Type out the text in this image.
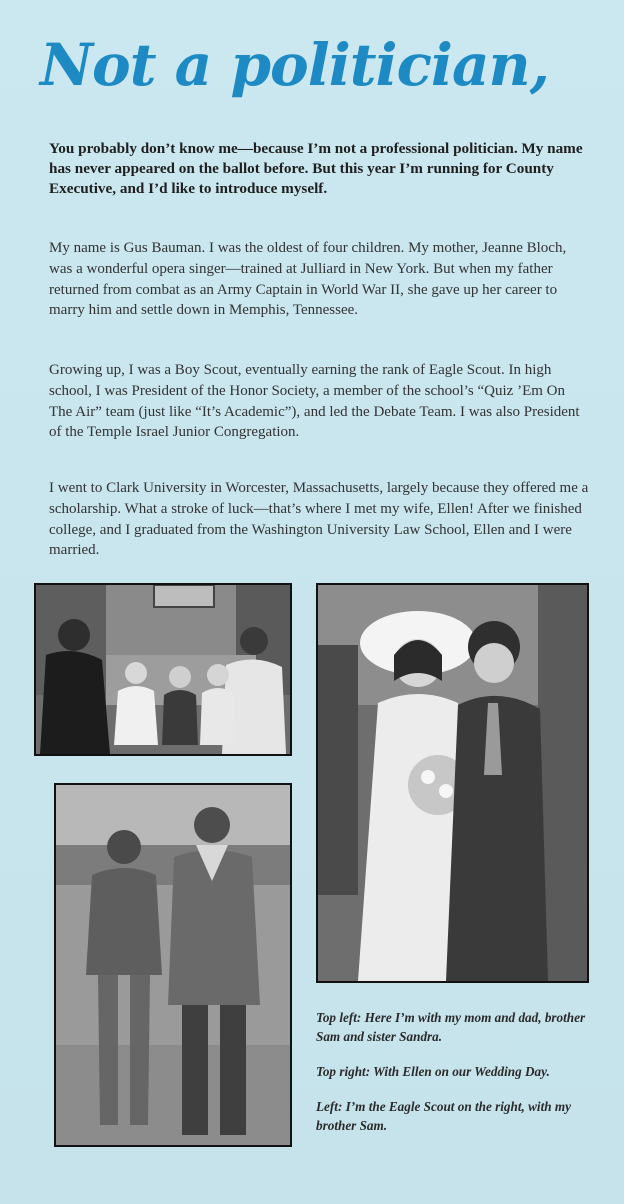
Not a politician,
You probably don’t know me—because I’m not a professional politician. My name has never appeared on the ballot before. But this year I’m running for County Executive, and I’d like to introduce myself.
My name is Gus Bauman. I was the oldest of four children. My mother, Jeanne Bloch, was a wonderful opera singer—trained at Julliard in New York. But when my father returned from combat as an Army Captain in World War II, she gave up her career to marry him and settle down in Memphis, Tennessee.
Growing up, I was a Boy Scout, eventually earning the rank of Eagle Scout. In high school, I was President of the Honor Society, a member of the school’s “Quiz ’Em On The Air” team (just like “It’s Academic”), and led the Debate Team. I was also President of the Temple Israel Junior Congregation.
I went to Clark University in Worcester, Massachusetts, largely because they offered me a scholarship. What a stroke of luck—that’s where I met my wife, Ellen! After we finished college, and I graduated from the Washington University Law School, Ellen and I were married.

Top left: Here I’m with my mom and dad, brother Sam and sister Sandra.

Top right: With Ellen on our Wedding Day.

Left: I’m the Eagle Scout on the right, with my brother Sam.
